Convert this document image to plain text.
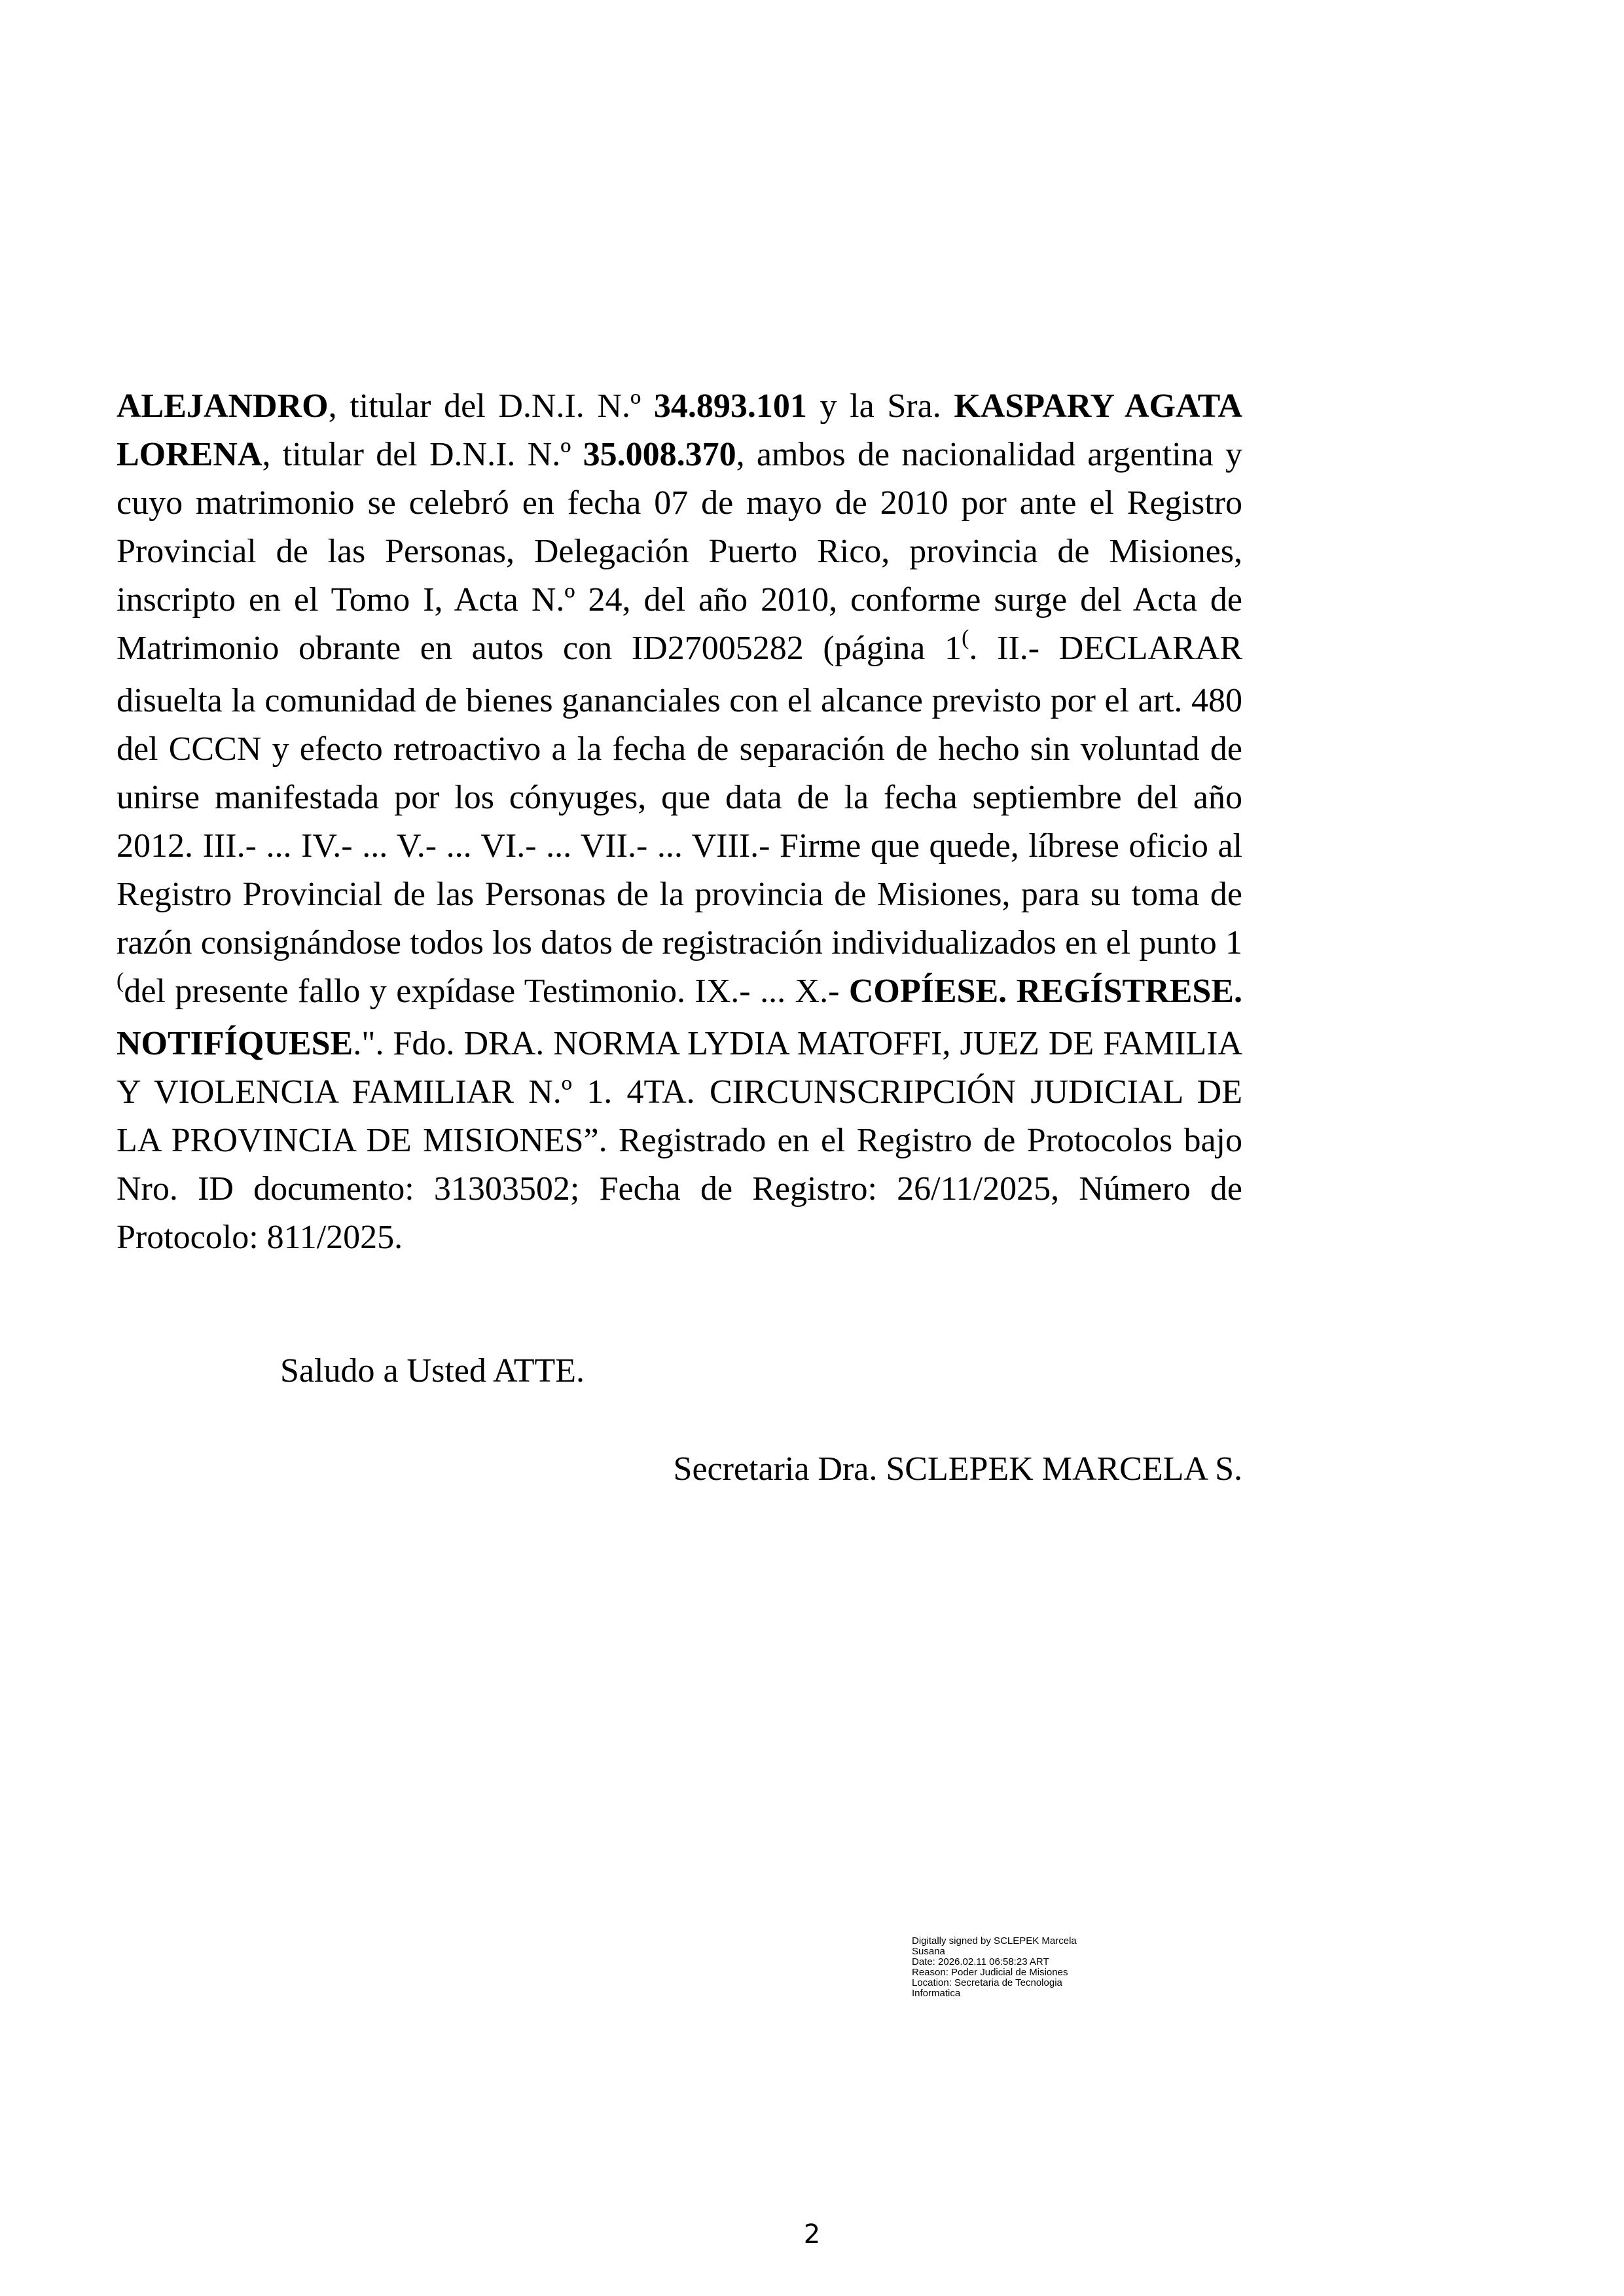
ALEJANDRO, titular del D.N.I. N.º 34.893.101 y la Sra. KASPARY AGATA LORENA, titular del D.N.I. N.º 35.008.370, ambos de nacionalidad argentina y cuyo matrimonio se celebró en fecha 07 de mayo de 2010 por ante el Registro Provincial de las Personas, Delegación Puerto Rico, provincia de Misiones, inscripto en el Tomo I, Acta N.º 24, del año 2010, conforme surge del Acta de Matrimonio obrante en autos con ID27005282 (página 1(. II.- DECLARAR disuelta la comunidad de bienes gananciales con el alcance previsto por el art. 480 del CCCN y efecto retroactivo a la fecha de separación de hecho sin voluntad de unirse manifestada por los cónyuges, que data de la fecha septiembre del año 2012. III.- ... IV.- ... V.- ... VI.- ... VII.- ... VIII.- Firme que quede, líbrese oficio al Registro Provincial de las Personas de la provincia de Misiones, para su toma de razón consignándose todos los datos de registración individualizados en el punto 1 (del presente fallo y expídase Testimonio. IX.- ... X.- COPÍESE. REGÍSTRESE. NOTIFÍQUESE.". Fdo. DRA. NORMA LYDIA MATOFFI, JUEZ DE FAMILIA Y VIOLENCIA FAMILIAR N.º 1. 4TA. CIRCUNSCRIPCIÓN JUDICIAL DE LA PROVINCIA DE MISIONES”. Registrado en el Registro de Protocolos bajo Nro. ID documento: 31303502; Fecha de Registro: 26/11/2025, Número de Protocolo: 811/2025.
Saludo a Usted ATTE.
Secretaria Dra. SCLEPEK MARCELA S.
Digitally signed by SCLEPEK Marcela
Susana
Date: 2026.02.11 06:58:23 ART
Reason: Poder Judicial de Misiones
Location: Secretaria de Tecnologia
Informatica
2
